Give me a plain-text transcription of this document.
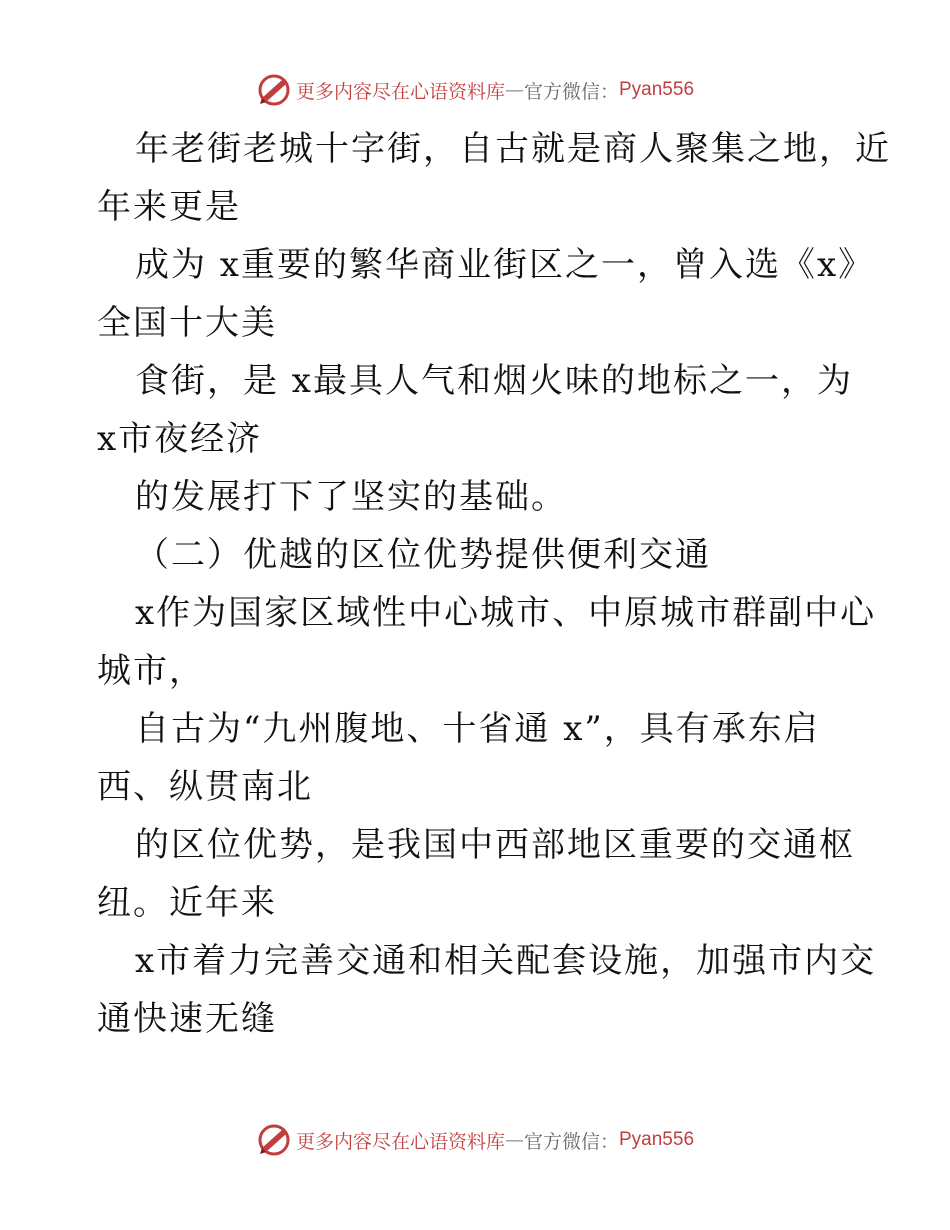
更多内容尽在心语资料库 — 官方微信： Pyan556
年老街老城十字街，自古就是商人聚集之地，近
年来更是
成为 x重要的繁华商业街区之一，曾入选《x》
全国十大美
食街，是 x最具人气和烟火味的地标之一，为
x市夜经济
的发展打下了坚实的基础。
（二）优越的区位优势提供便利交通
x作为国家区域性中心城市、中原城市群副中心
城市，
自古为“九州腹地、十省通 x”，具有承东启
西、纵贯南北
的区位优势，是我国中西部地区重要的交通枢
纽。近年来
x市着力完善交通和相关配套设施，加强市内交
通快速无缝
更多内容尽在心语资料库 — 官方微信： Pyan556
